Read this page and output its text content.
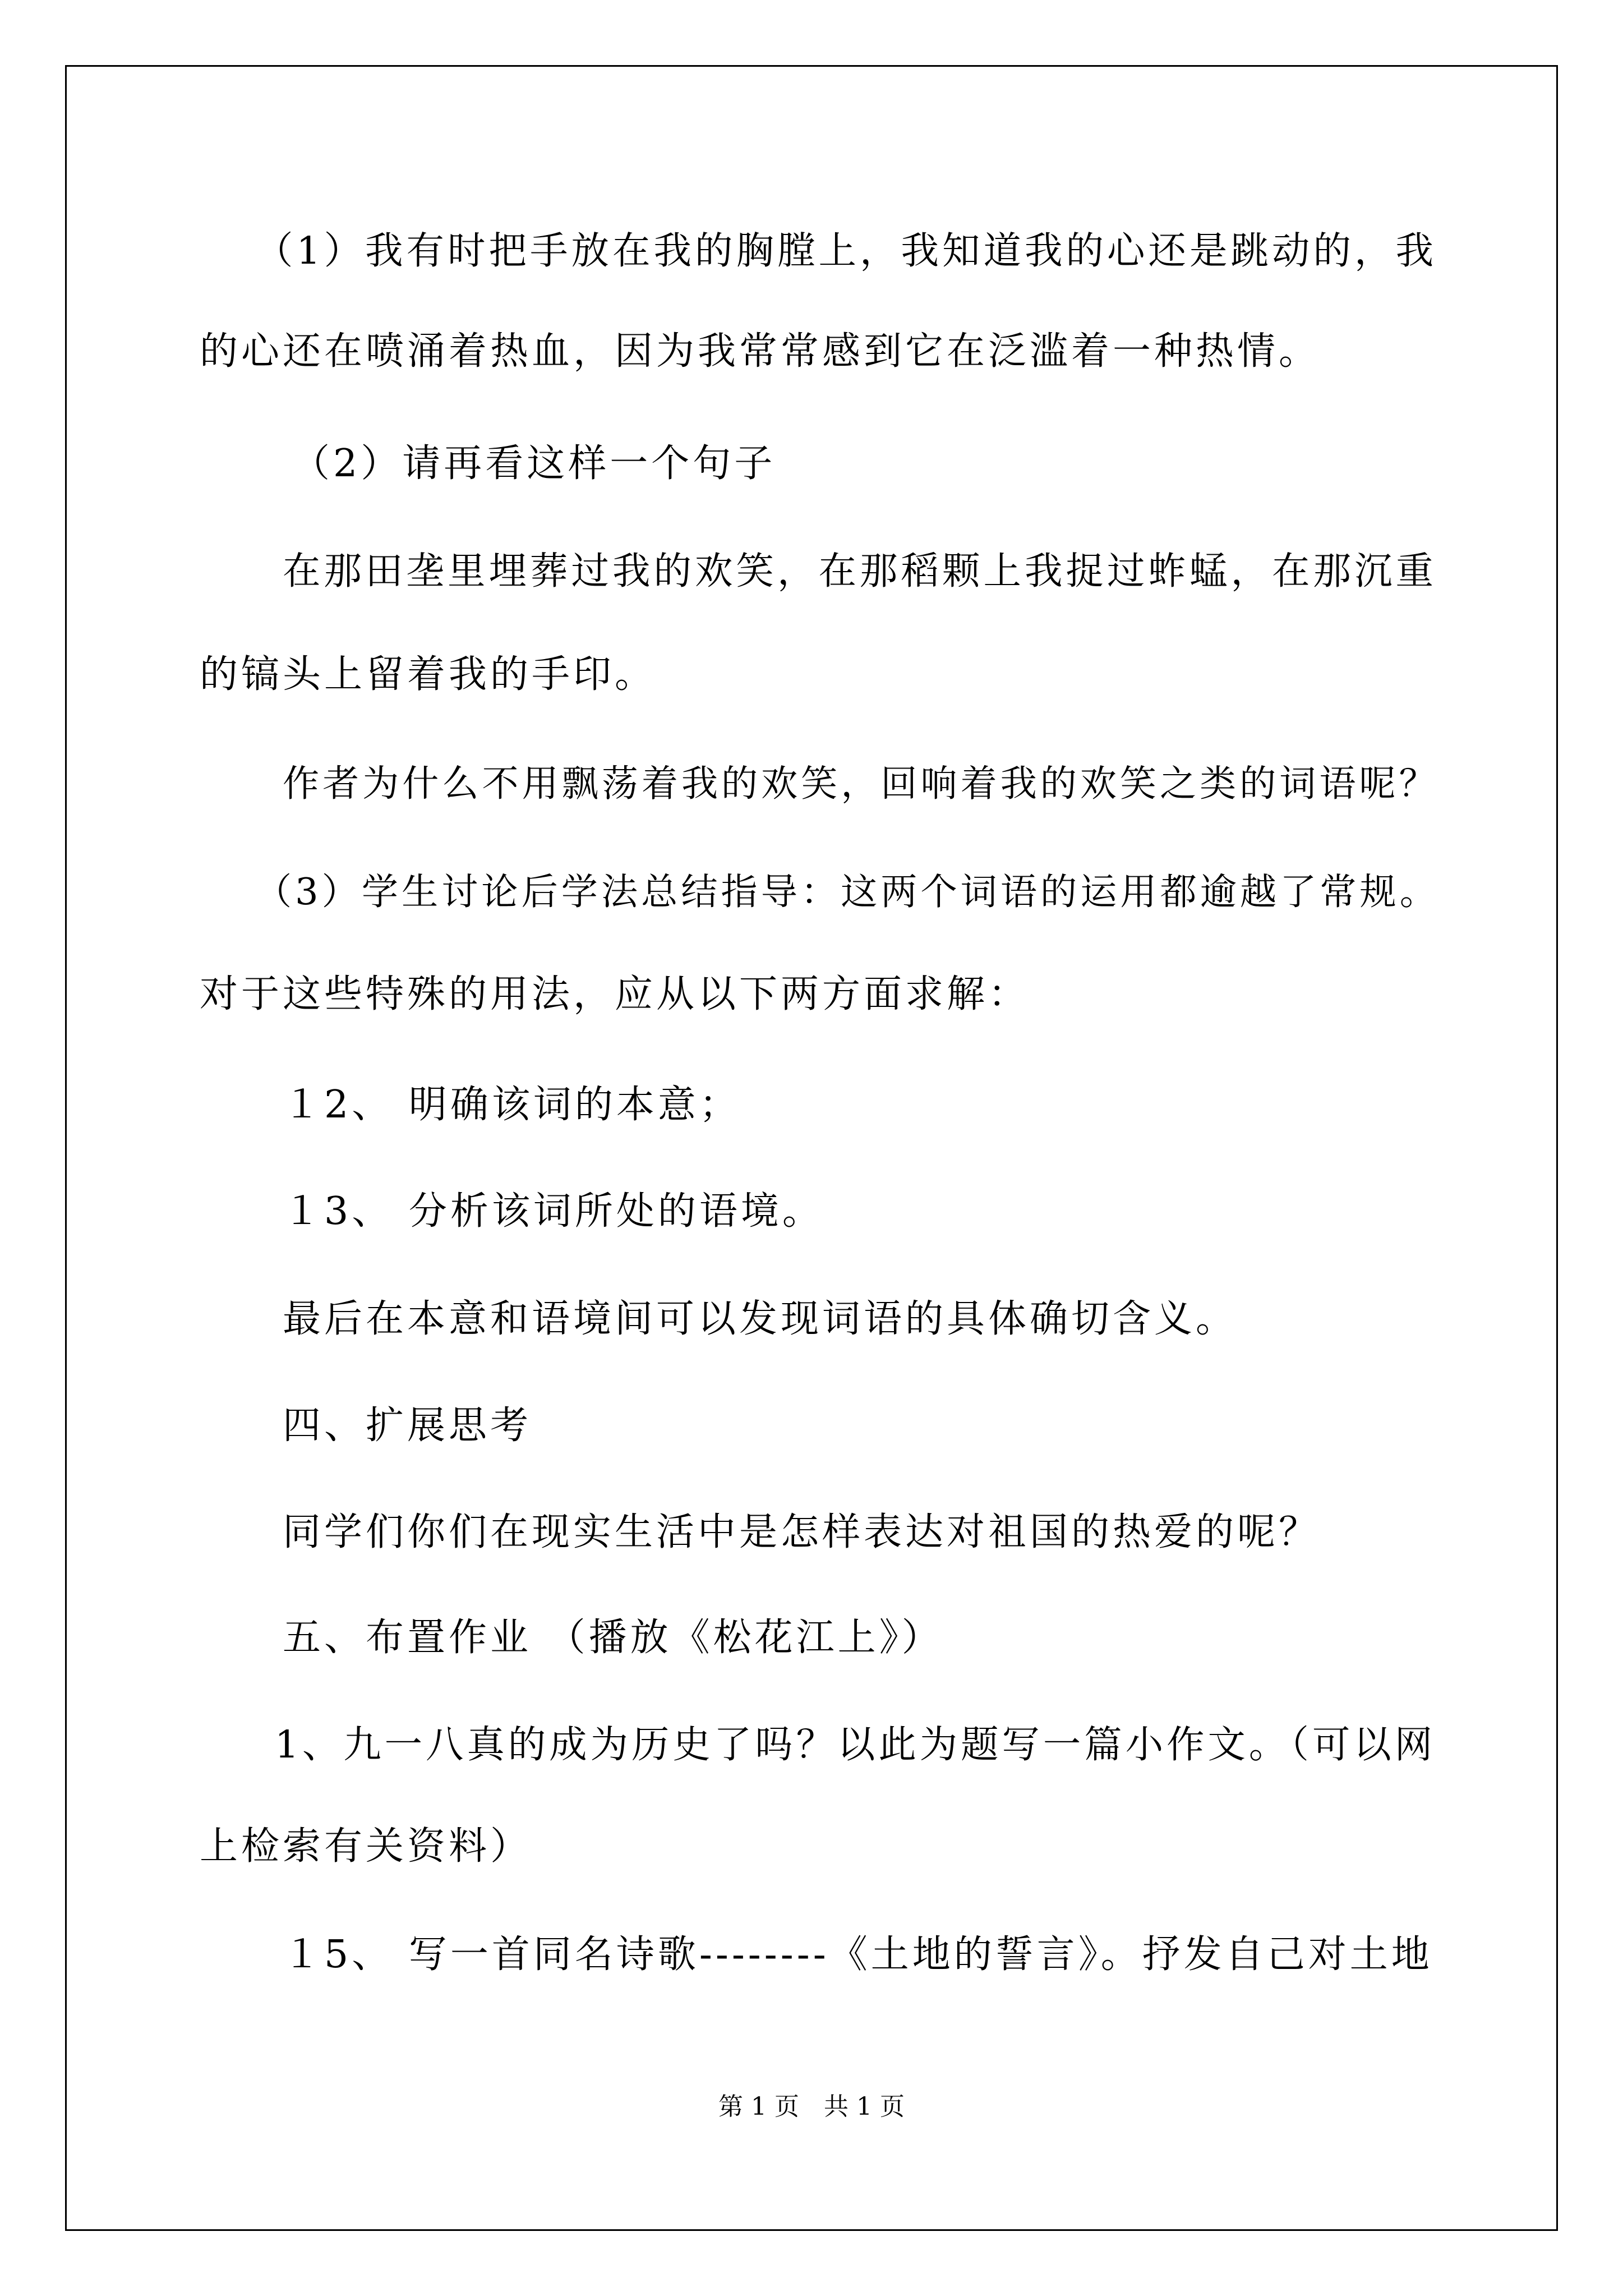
（1）我有时把手放在我的胸膛上，我知道我的心还是跳动的，我
的心还在喷涌着热血，因为我常常感到它在泛滥着一种热情。
（2）请再看这样一个句子
在那田垄里埋葬过我的欢笑，在那稻颗上我捉过蚱蜢，在那沉重
的镐头上留着我的手印。
作者为什么不用飘荡着我的欢笑，回响着我的欢笑之类的词语呢？
（3）学生讨论后学法总结指导：这两个词语的运用都逾越了常规。
对于这些特殊的用法，应从以下两方面求解：
１2、 明确该词的本意；
１3、 分析该词所处的语境。
最后在本意和语境间可以发现词语的具体确切含义。
四、扩展思考
同学们你们在现实生活中是怎样表达对祖国的热爱的呢？
五、布置作业 （播放《松花江上》）
1、九一八真的成为历史了吗？以此为题写一篇小作文。（可以网
上检索有关资料）
１5、 写一首同名诗歌--------《土地的誓言》。抒发自己对土地
第 1 页　共 1 页
